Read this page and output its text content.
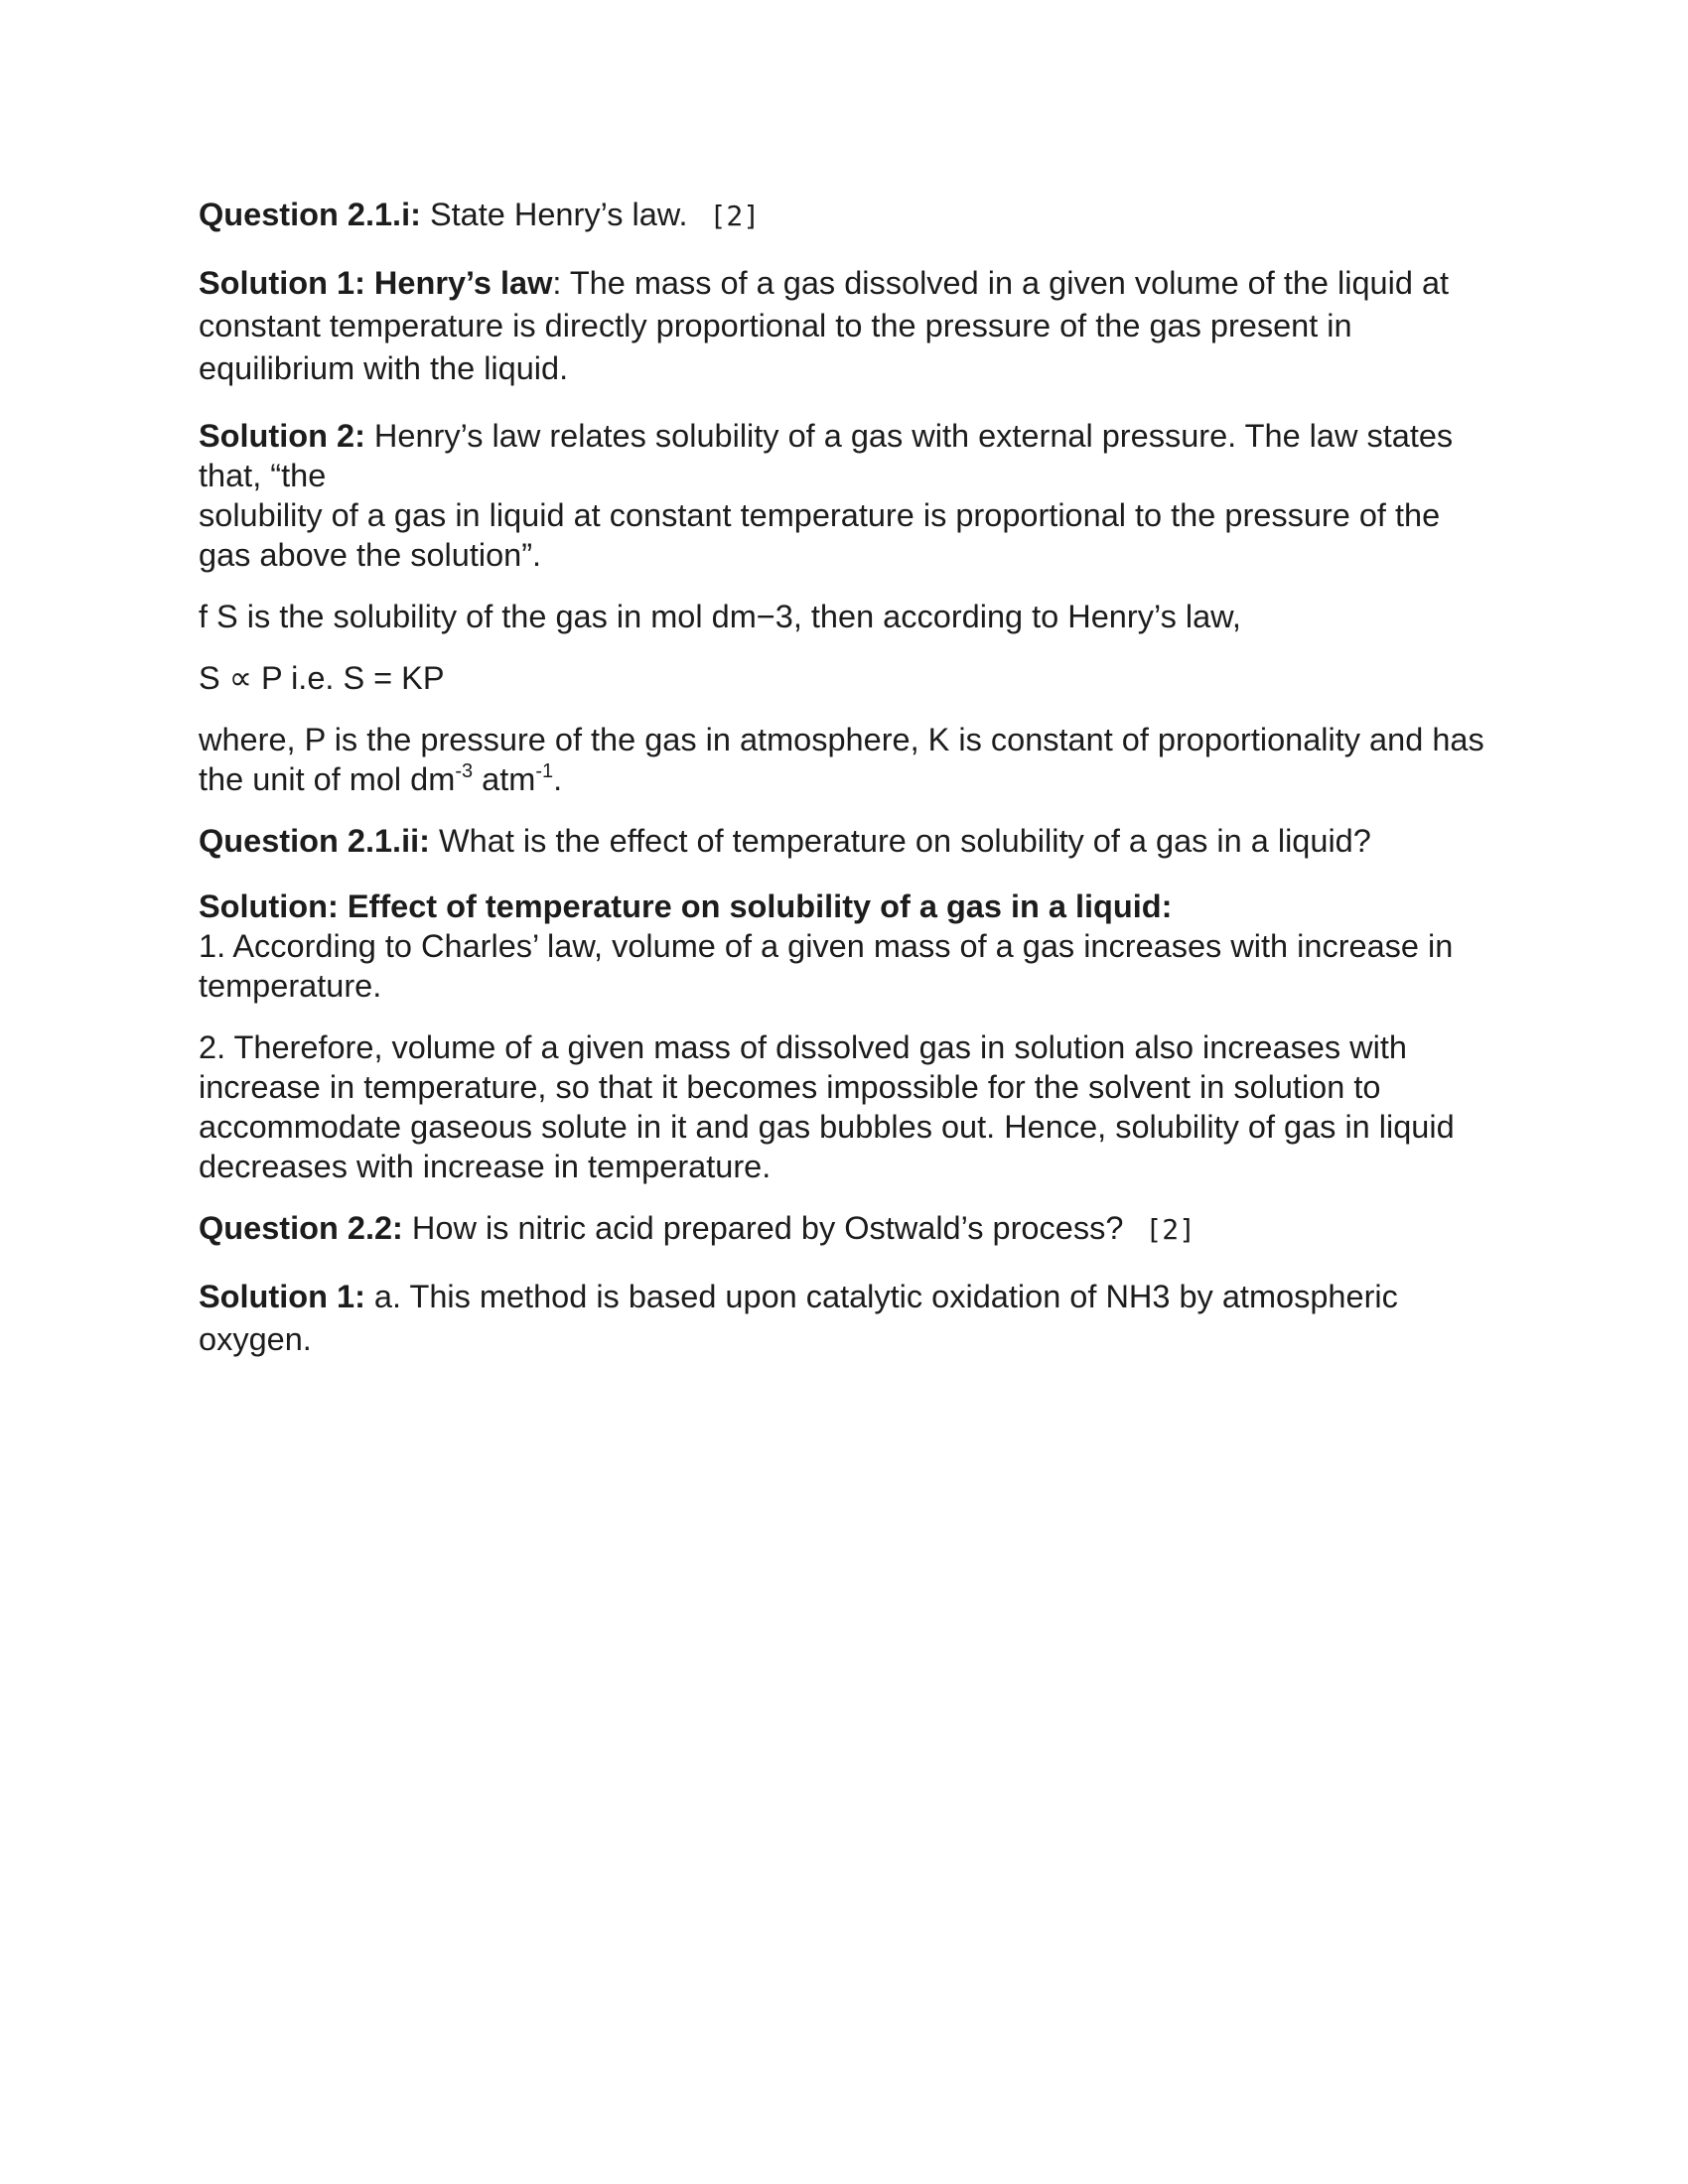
Question 2.1.i: State Henry’s law. [2]

Solution 1: Henry’s law: The mass of a gas dissolved in a given volume of the liquid at constant temperature is directly proportional to the pressure of the gas present in equilibrium with the liquid.

Solution 2: Henry’s law relates solubility of a gas with external pressure. The law states that, “the

solubility of a gas in liquid at constant temperature is proportional to the pressure of the gas above the solution”.

f S is the solubility of the gas in mol dm−3, then according to Henry’s law,

S ∝ P i.e. S = KP

where, P is the pressure of the gas in atmosphere, K is constant of proportionality and has the unit of mol $dm^{-3}$ atm$^{-1}$.

Question 2.1.ii: What is the effect of temperature on solubility of a gas in a liquid?

Solution: Effect of temperature on solubility of a gas in a liquid:

1. According to Charles’ law, volume of a given mass of a gas increases with increase in temperature.

2. Therefore, volume of a given mass of dissolved gas in solution also increases with increase in temperature, so that it becomes impossible for the solvent in solution to accommodate gaseous solute in it and gas bubbles out. Hence, solubility of gas in liquid decreases with increase in temperature.

Question 2.2: How is nitric acid prepared by Ostwald’s process? [2]

Solution 1: a. This method is based upon catalytic oxidation of NH3 by atmospheric oxygen.
